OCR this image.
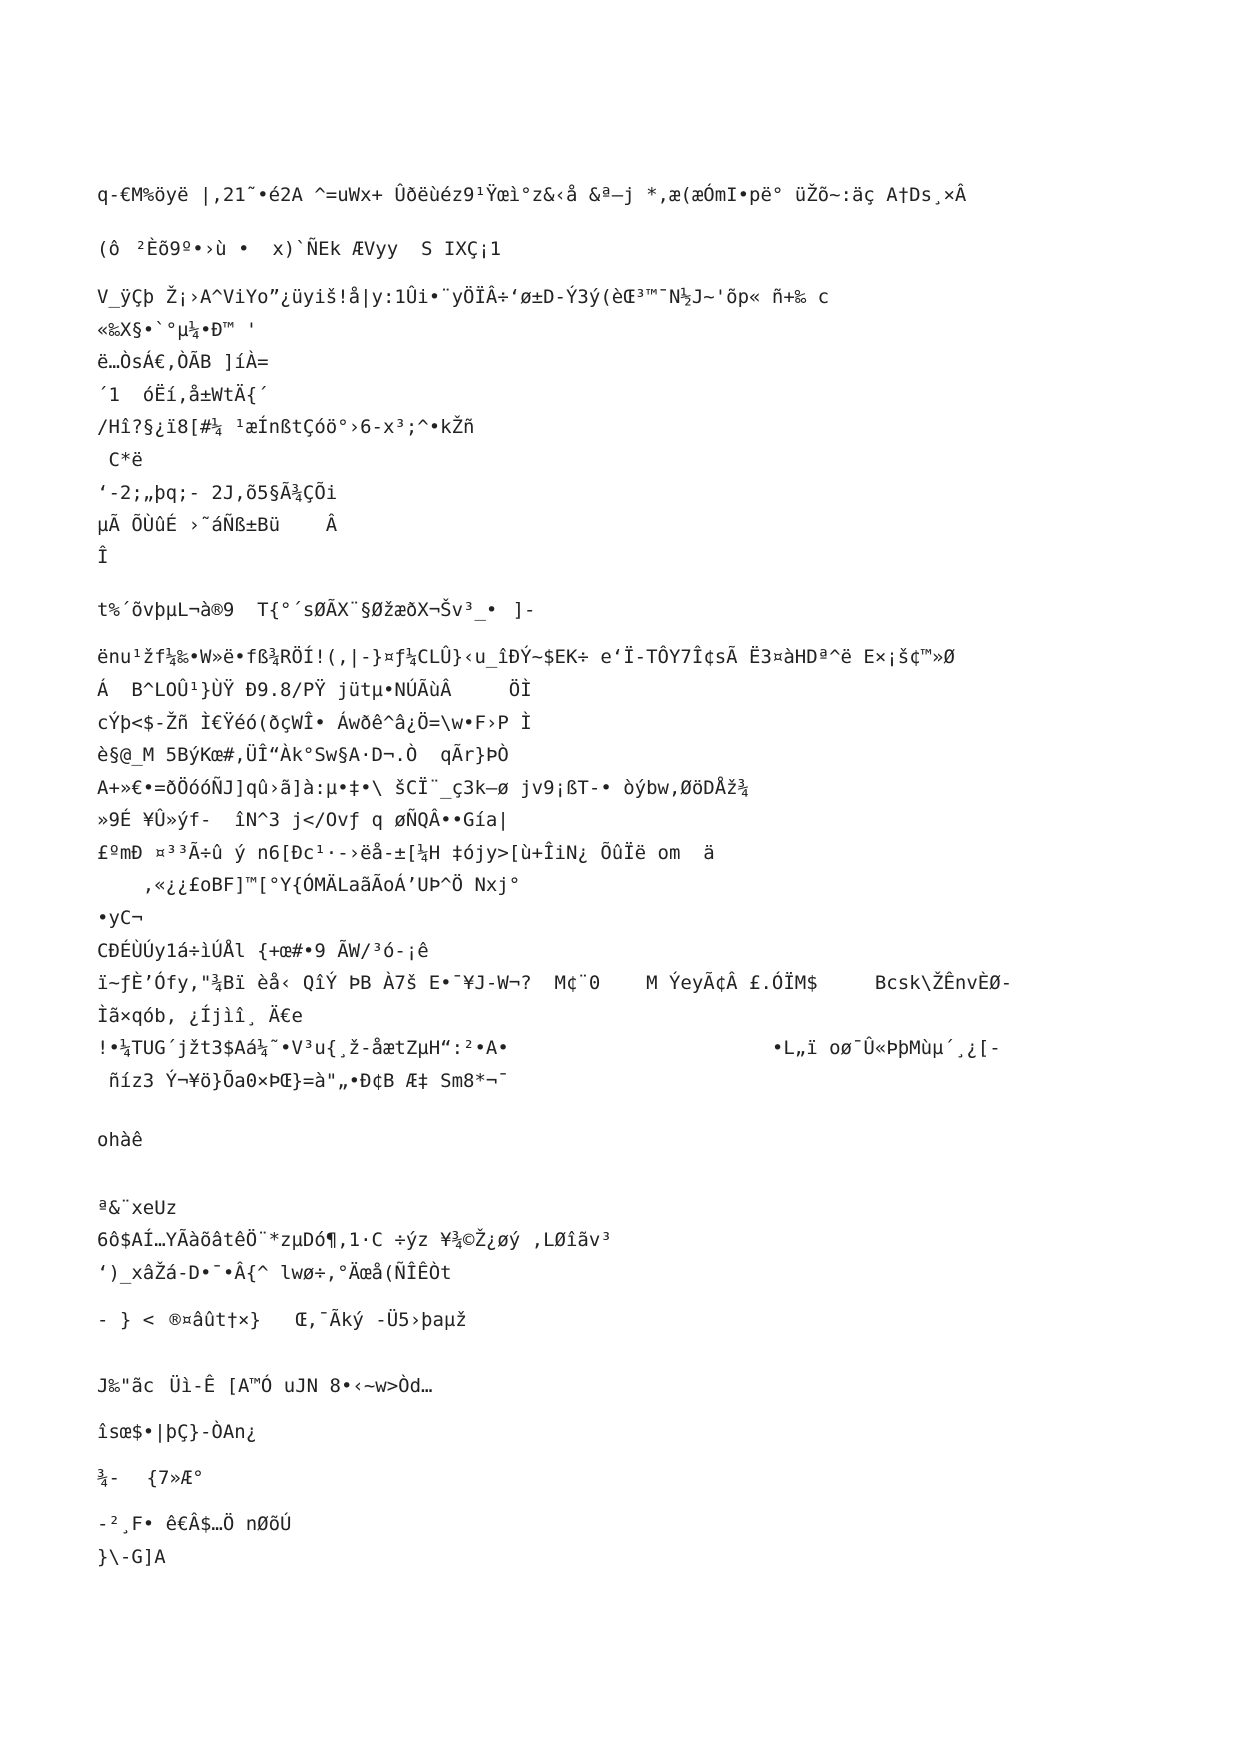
q-€M%öyë |,21˜•é2A ^=uWx+ Ûðëùéz9¹Ÿœì°z&‹å &ª—j *,æ(æÓmI•pë° üŽõ~:äç A†Ds¸×Â
(ô²Èõ9º•›ù •  x)`ÑEk ÆVyy  S IXÇ¡1
V_ÿÇþ Ž¡›A^ViYo”¿üyiš!å|y:1Ûi•¨yÖÏÂ÷‘ø±D-Ý3ý(èŒ³™¯N½J~'õp« ñ+‰ c
«‰X§•`°µ¼•Ð™ '
ë…ÒsÁ€,ÒÃB ]íÀ=
´1  óËí,å±WtÄ{´
/Hî?§¿ï8[#¼ ¹æÍnßtÇóö°›6-x³;^•kŽñ
C*ë
‘-2;„þq;- 2J,õ5§Ã¾ÇÕi
µÃ ÕÙûÉ ›˜áÑß±Bü    Â
Î
t%´õvþµL¬à®9  T{°´sØÃX¨§ØžæðX¬Šv³_•]-
ënu¹žf¼‰•W»ë•fß¾RÖÍ!(,|-}¤ƒ¼CLÛ}‹u_îÐÝ~$EK÷ e‘Ï-TÔY7Î¢sÃ Ë3¤àHDª^ë E×¡š¢™»Ø
Á  B^LOÛ¹}ÙŸ Ð9.8/PŸ jütµ•NÚÃùÂ     ÖÌ
cÝþ<$-Žñ Ì€Ÿéó(ðçWÎ• Áwðê^â¿Ö=\w•F›P Ì
è§@_M 5BýKœ#,ÜÎ“Àk°Sw§A·D¬.Ò  qÃr}ÞÒ
A+»€•=ðÖóóÑJ]qû›ã]à:µ•‡•\ šCÏ¨_ç3k—ø jv9¡ßT-• òýbw,ØöDÅž¾
»9É ¥Û»ýf-  îN^3 j</Ovƒ q øÑQÂ••Gía|
£ºmÐ ¤³³Ã÷û ý n6[Ðc¹·-›ëå-±[¼H ‡ójy>[ù+ÎiN¿ ÕûÏë om  ä
,«¿¿£oBF]™[°Y{ÓMÄLaãÃoÁ’UÞ^Ö Nxj°
•yC¬
CÐÉÙÚy1á÷ìÚÅl {+œ#•9 ÃW/³ó-¡ê
ï~ƒÈ’Ófy,"¾Bï èå‹ QîÝ ÞB À7š E•¯¥J-W¬?  M¢¨0    M ÝeyÃ¢Â £.ÓÏM$     Bcsk\ŽÊnvÈØ-
Ìã×qób, ¿Íjìî¸ Ä€e
!•¼TUG´jžt3$Aá¼˜•V³u{¸ž-åætZµH“:²•A•                       •L„ï oø¯Û«ÞþMùµ´¸¿[-
ñíz3 Ý¬¥ö}Õa0×ÞŒ}=à"„•Ð¢B Æ‡ Sm8*¬¯
ohàê
ª&¨xeUz
6ô$AÍ…YÃàõâtêÖ¨*zµDó¶,1·C ÷ýz ¥¾©Ž¿øý ,LØîãv³
‘)_xâŽá-D•¯•Â{^ lwø÷,°Äœå(ÑÎÊÒt
- } <®¤âût†×}   Œ,¯Ãký -Ü5›þaµž
J‰"ãcÜì-Ê [A™Ó uJN 8•‹~w>Òd…
îsœ$•|þÇ}-ÒAn¿
¾- {7»Æ°
-²¸F• ê€Â$…Ö nØõÚ
}\-G]A
